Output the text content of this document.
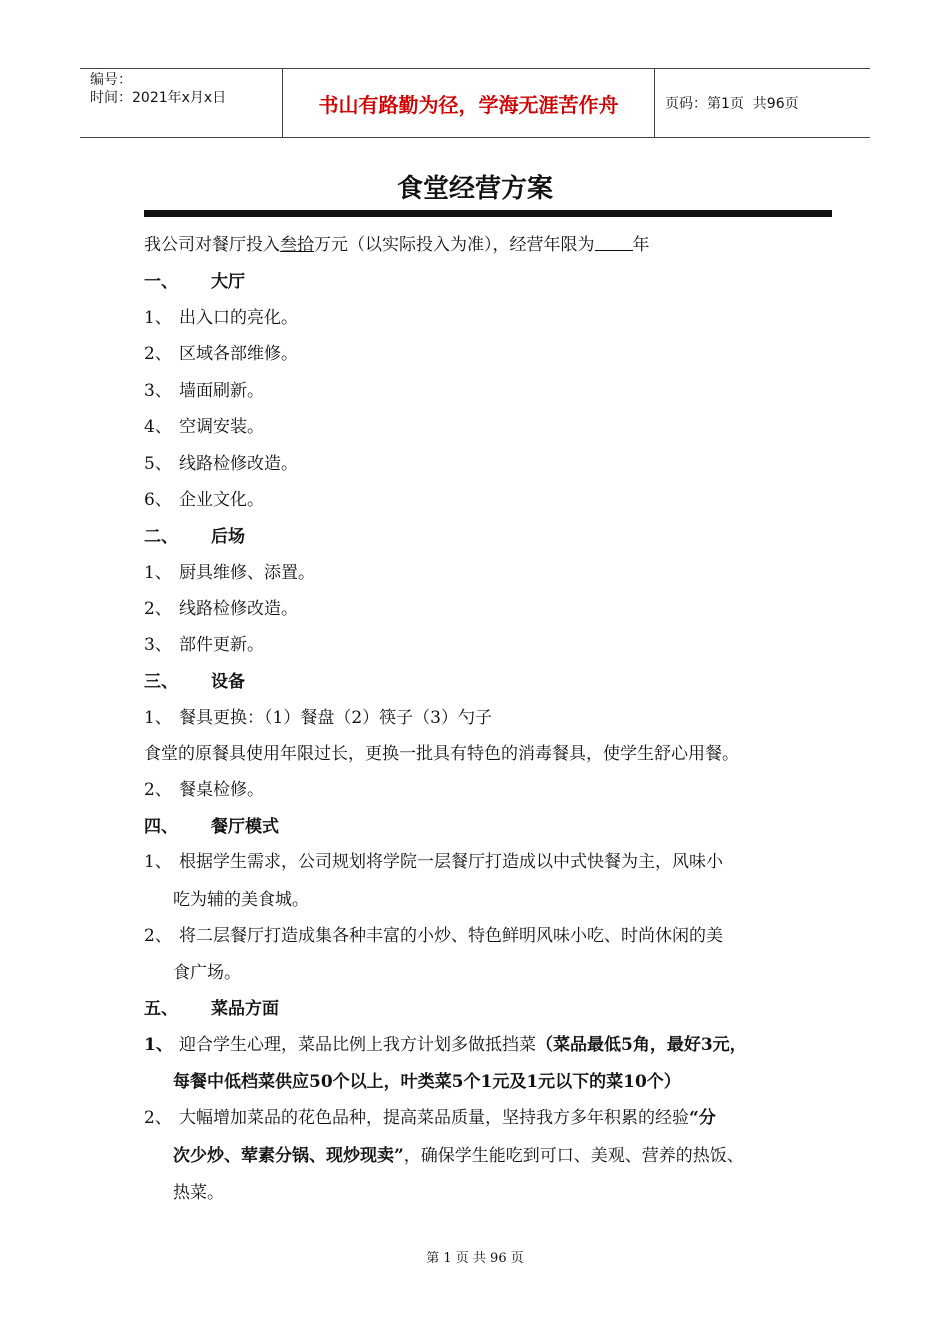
编号：
时间：2021年x月x日	书山有路勤为径，学海无涯苦作舟	页码：第1页  共96页
食堂经营方案
我公司对餐厅投入叁拾万元（以实际投入为准），经营年限为 年
一、 大厅
1、 出入口的亮化。
2、 区域各部维修。
3、 墙面刷新。
4、 空调安装。
5、 线路检修改造。
6、 企业文化。
二、 后场
1、 厨具维修、添置。
2、 线路检修改造。
3、 部件更新。
三、 设备
1、 餐具更换：（1）餐盘（2）筷子（3）勺子
食堂的原餐具使用年限过长，更换一批具有特色的消毒餐具，使学生舒心用餐。
2、 餐桌检修。
四、 餐厅模式
1、 根据学生需求，公司规划将学院一层餐厅打造成以中式快餐为主，风味小
吃为辅的美食城。
2、 将二层餐厅打造成集各种丰富的小炒、特色鲜明风味小吃、时尚休闲的美
食广场。
五、 菜品方面
1、 迎合学生心理，菜品比例上我方计划多做抵挡菜（菜品最低5角，最好3元，
每餐中低档菜供应50个以上，叶类菜5个1元及1元以下的菜10个）
2、 大幅增加菜品的花色品种，提高菜品质量，坚持我方多年积累的经验“分
次少炒、荤素分锅、现炒现卖”，确保学生能吃到可口、美观、营养的热饭、
热菜。
第 1 页 共 96 页
